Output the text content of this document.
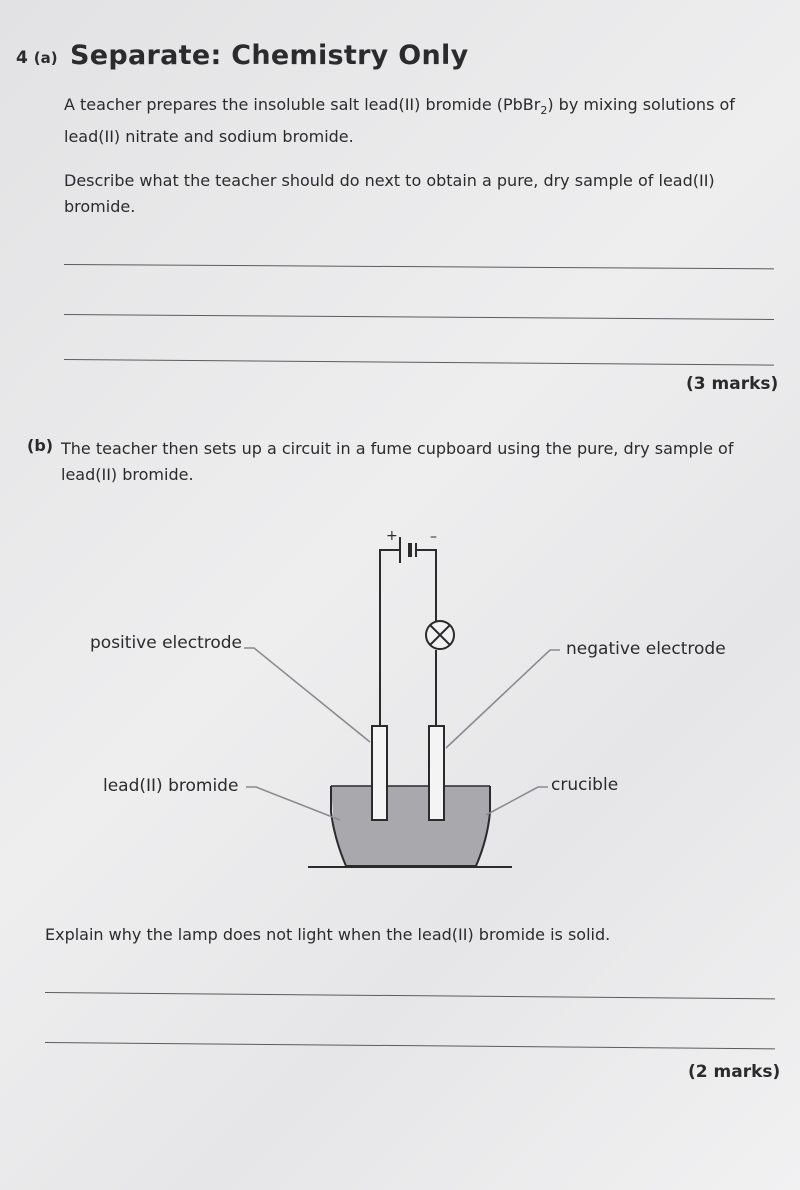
4 (a) Separate: Chemistry Only
A teacher prepares the insoluble salt lead(II) bromide (PbBr$_2$) by mixing solutions of lead(II) nitrate and sodium bromide.
Describe what the teacher should do next to obtain a pure, dry sample of lead(II) bromide.
(3 marks)
(b) The teacher then sets up a circuit in a fume cupboard using the pure, dry sample of lead(II) bromide.
+ –
positive electrode	negative electrode
lead(II) bromide	crucible
Explain why the lamp does not light when the lead(II) bromide is solid.
(2 marks)
